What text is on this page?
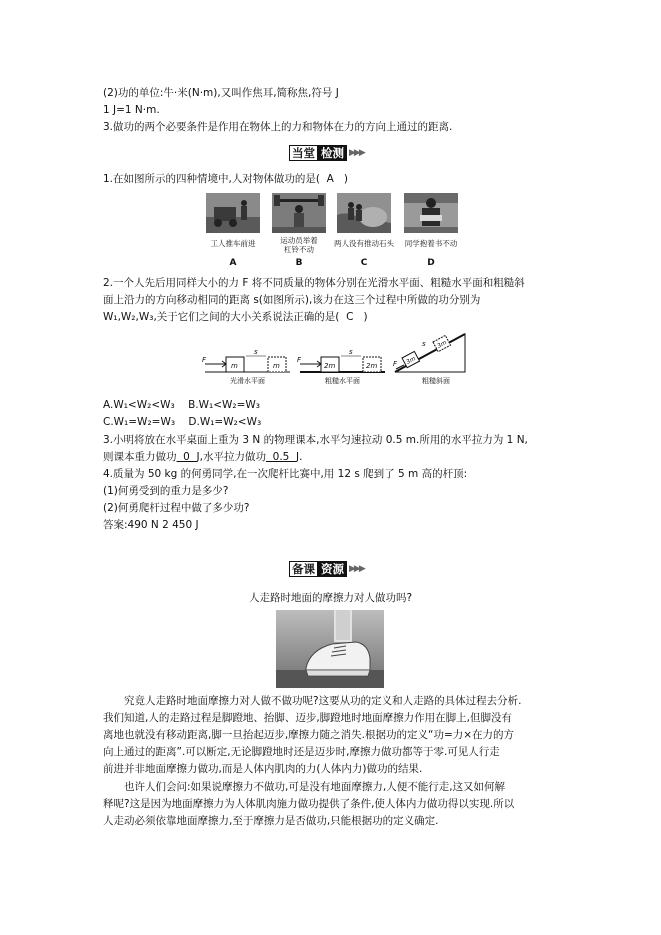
(2)功的单位:牛·米(N·m),又叫作焦耳,简称焦,符号 J
1 J=1 N·m.
3.做功的两个必要条件是作用在物体上的力和物体在力的方向上通过的距离.
当堂 检测 ▶▶▶
1.在如图所示的四种情境中,人对物体做功的是( A )
工人推车前进	运动员举着
杠铃不动
两人没有推动石头	同学抱着书不动
A	B	C	D
2.一个人先后用同样大小的力 F 将不同质量的物体分别在光滑水平面、粗糙水平面和粗糙斜
面上沿力的方向移动相同的距离 s(如图所示),该力在这三个过程中所做的功分别为
W₁,W₂,W₃,关于它们之间的大小关系说法正确的是( C )
F
s
m	m
光滑水平面
F
s
2m	2m
粗糙水平面
F
s
3m
3m
粗糙斜面
A.W₁<W₂<W₃ B.W₁<W₂=W₃
C.W₁=W₂=W₃ D.W₁=W₂<W₃
3.小明将放在水平桌面上重为 3 N 的物理课本,水平匀速拉动 0.5 m.所用的水平拉力为 1 N,
则课本重力做功  0  J,水平拉力做功  0.5  J.
4.质量为 50 kg 的何勇同学,在一次爬杆比赛中,用 12 s 爬到了 5 m 高的杆顶:
(1)何勇受到的重力是多少?
(2)何勇爬杆过程中做了多少功?
答案:490 N 2 450 J
备课 资源 ▶▶▶
人走路时地面的摩擦力对人做功吗?
究竟人走路时地面摩擦力对人做不做功呢?这要从功的定义和人走路的具体过程去分析.
我们知道,人的走路过程是脚蹬地、抬脚、迈步,脚蹬地时地面摩擦力作用在脚上,但脚没有
离地也就没有移动距离,脚一旦抬起迈步,摩擦力随之消失.根据功的定义“功=力×在力的方
向上通过的距离”.可以断定,无论脚蹬地时还是迈步时,摩擦力做功都等于零.可见人行走
前进并非地面摩擦力做功,而是人体内肌肉的力(人体内力)做功的结果.
也许人们会问:如果说摩擦力不做功,可是没有地面摩擦力,人便不能行走,这又如何解
释呢?这是因为地面摩擦力为人体肌肉施力做功提供了条件,使人体内力做功得以实现.所以
人走动必须依靠地面摩擦力,至于摩擦力是否做功,只能根据功的定义确定.
